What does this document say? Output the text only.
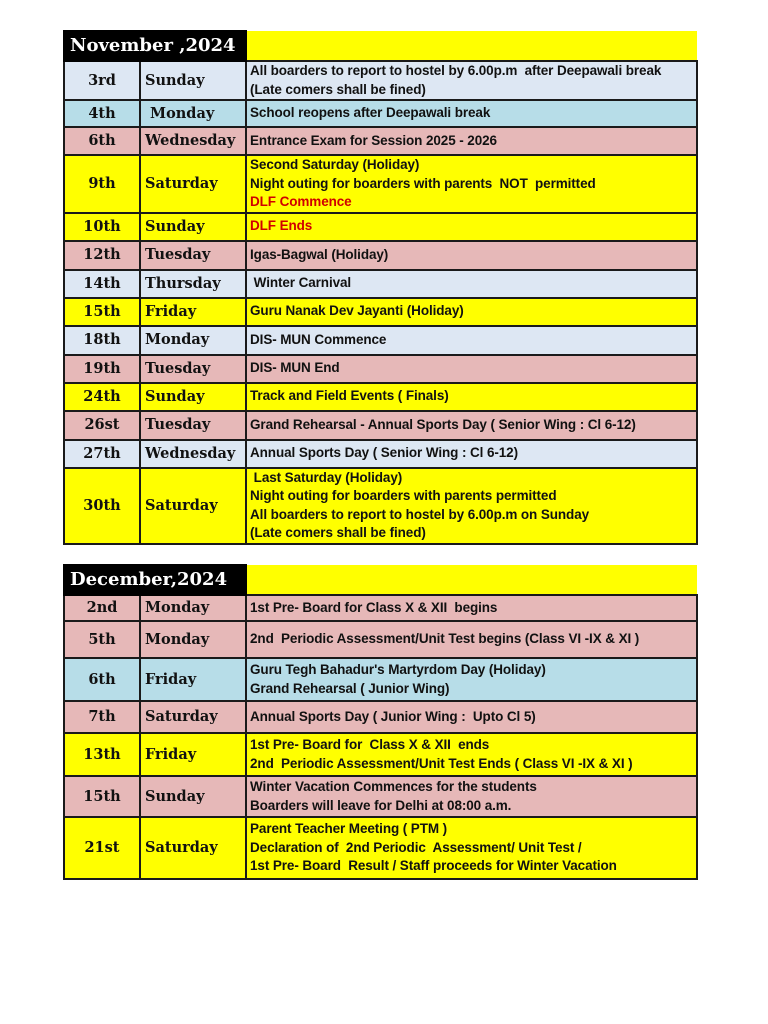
November ,2024		
3rd	Sunday	All boarders to report to hostel by 6.00p.m  after Deepawali break
(Late comers shall be fined)

4th	Monday	School reopens after Deepawali break

6th	Wednesday	Entrance Exam for Session 2025 - 2026

9th	Saturday	Second Saturday (Holiday)
Night outing for boarders with parents  NOT  permitted
DLF Commence

10th	Sunday	DLF Ends

12th	Tuesday	Igas-Bagwal (Holiday)

14th	Thursday	Winter Carnival

15th	Friday	Guru Nanak Dev Jayanti (Holiday)

18th	Monday	DIS- MUN Commence

19th	Tuesday	DIS- MUN End

24th	Sunday	Track and Field Events ( Finals)

26st	Tuesday	Grand Rehearsal - Annual Sports Day ( Senior Wing : Cl 6-12)

27th	Wednesday	Annual Sports Day ( Senior Wing : Cl 6-12)

30th	Saturday	Last Saturday (Holiday)
Night outing for boarders with parents permitted
All boarders to report to hostel by 6.00p.m on Sunday
(Late comers shall be fined)
December,2024		
2nd	Monday	1st Pre- Board for Class X & XII  begins

5th	Monday	2nd  Periodic Assessment/Unit Test begins (Class VI -IX & XI )

6th	Friday	Guru Tegh Bahadur's Martyrdom Day (Holiday)
Grand Rehearsal ( Junior Wing)

7th	Saturday	Annual Sports Day ( Junior Wing :  Upto Cl 5)

13th	Friday	1st Pre- Board for  Class X & XII  ends
2nd  Periodic Assessment/Unit Test Ends ( Class VI -IX & XI )

15th	Sunday	Winter Vacation Commences for the students
Boarders will leave for Delhi at 08:00 a.m.

21st	Saturday	Parent Teacher Meeting ( PTM )
Declaration of  2nd Periodic  Assessment/ Unit Test /
1st Pre- Board  Result / Staff proceeds for Winter Vacation
